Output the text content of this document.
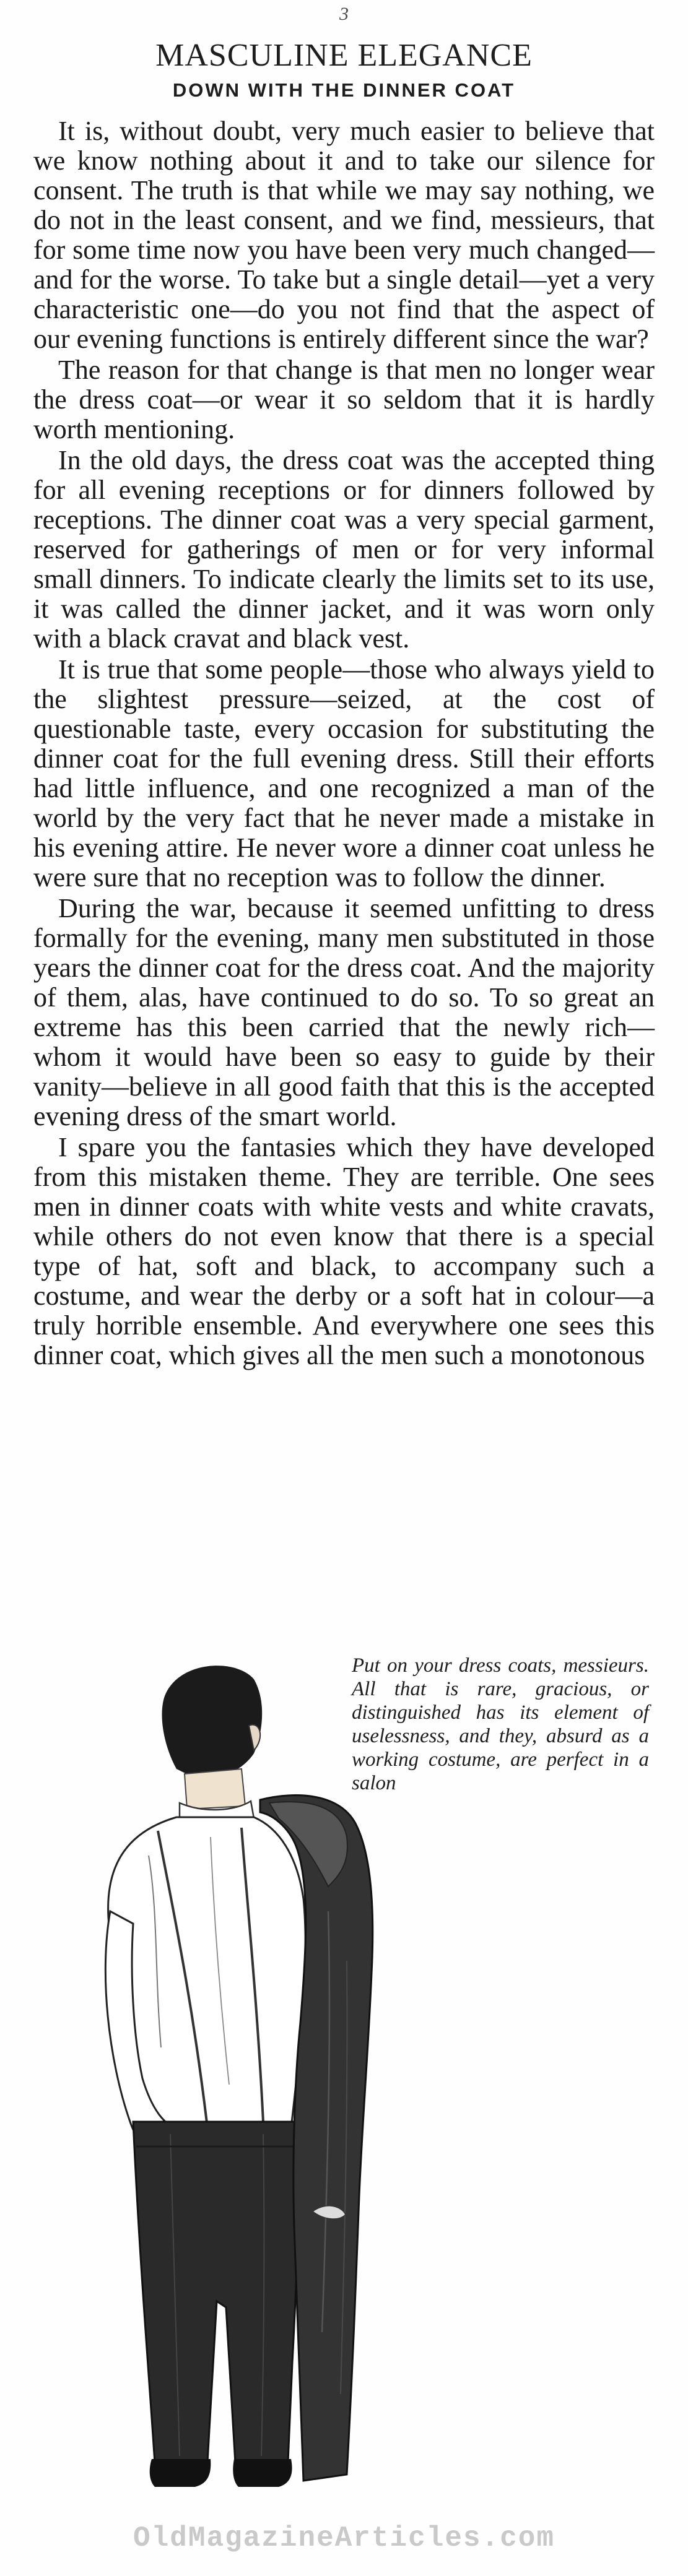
3
MASCULINE ELEGANCE
DOWN WITH THE DINNER COAT

It is, without doubt, very much easier to believe that we know nothing about it and to take our silence for consent. The truth is that while we may say nothing, we do not in the least consent, and we find, messieurs, that for some time now you have been very much changed—and for the worse. To take but a single detail—yet a very characteristic one—do you not find that the aspect of our evening functions is entirely different since the war?

The reason for that change is that men no longer wear the dress coat—or wear it so seldom that it is hardly worth mentioning.

In the old days, the dress coat was the accepted thing for all evening receptions or for dinners followed by receptions. The dinner coat was a very special garment, reserved for gatherings of men or for very informal small dinners. To indicate clearly the limits set to its use, it was called the dinner jacket, and it was worn only with a black cravat and black vest.

It is true that some people—those who always yield to the slightest pressure—seized, at the cost of questionable taste, every occasion for substituting the dinner coat for the full evening dress. Still their efforts had little influence, and one recognized a man of the world by the very fact that he never made a mistake in his evening attire. He never wore a dinner coat unless he were sure that no reception was to follow the dinner.

During the war, because it seemed unfitting to dress formally for the evening, many men substituted in those years the dinner coat for the dress coat. And the majority of them, alas, have continued to do so. To so great an extreme has this been carried that the newly rich—whom it would have been so easy to guide by their vanity—believe in all good faith that this is the accepted evening dress of the smart world.

I spare you the fantasies which they have developed from this mistaken theme. They are terrible. One sees men in dinner coats with white vests and white cravats, while others do not even know that there is a special type of hat, soft and black, to accompany such a costume, and wear the derby or a soft hat in colour—a truly horrible ensemble. And everywhere one sees this dinner coat, which gives all the men such a monotonous

Put on your dress coats, messieurs. All that is rare, gracious, or distinguished has its element of uselessness, and they, absurd as a working costume, are perfect in a salon
OldMagazineArticles.com
